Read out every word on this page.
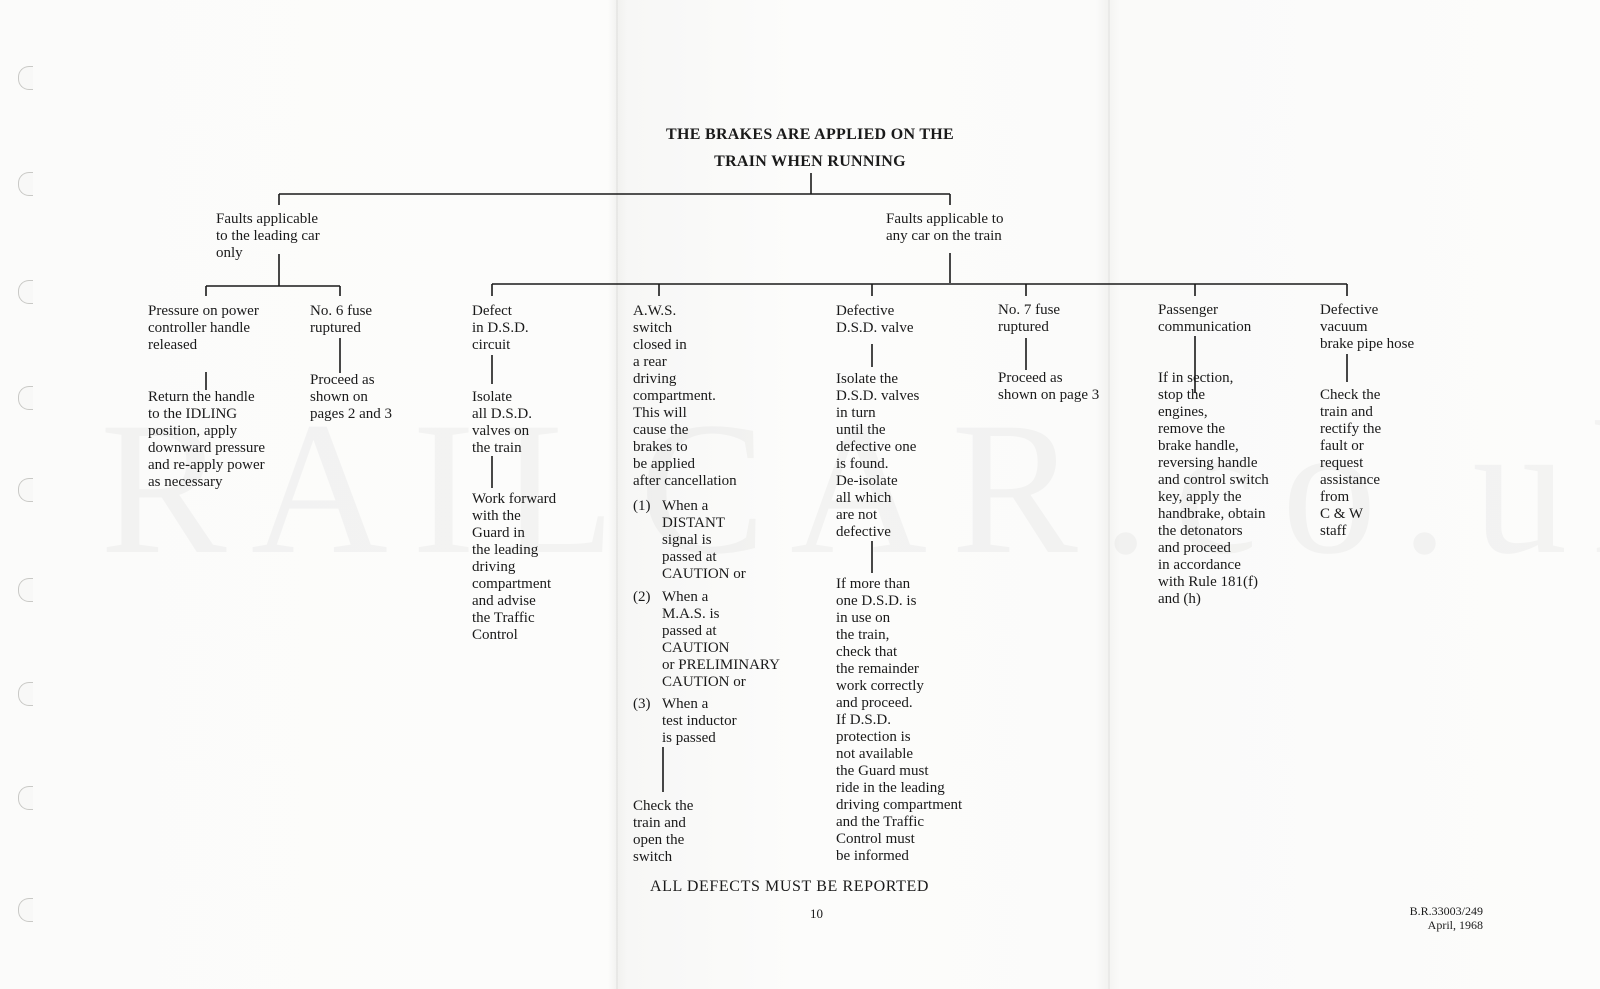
THE BRAKES ARE APPLIED ON THE
TRAIN WHEN RUNNING
Faults applicable
to the leading car
only
Faults applicable to
any car on the train
Pressure on power
controller handle
released
Return the handle
to the IDLING
position, apply
downward pressure
and re-apply power
as necessary
No. 6 fuse
ruptured
Proceed as
shown on
pages 2 and 3
Defect
in D.S.D.
circuit
Isolate
all D.S.D.
valves on
the train
Work forward
with the
Guard in
the leading
driving
compartment
and advise
the Traffic
Control
A.W.S.
switch
closed in
a rear
driving
compartment.
This will
cause the
brakes to
be applied
after cancellation
(1) When a
DISTANT
signal is
passed at
CAUTION or
(2) When a
M.A.S. is
passed at
CAUTION
or PRELIMINARY
CAUTION or
(3) When a
test inductor
is passed
Check the
train and
open the
switch
Defective
D.S.D. valve
Isolate the
D.S.D. valves
in turn
until the
defective one
is found.
De-isolate
all which
are not
defective
If more than
one D.S.D. is
in use on
the train,
check that
the remainder
work correctly
and proceed.
If D.S.D.
protection is
not available
the Guard must
ride in the leading
driving compartment
and the Traffic
Control must
be informed
No. 7 fuse
ruptured
Proceed as
shown on page 3
Passenger
communication
If in section,
stop the
engines,
remove the
brake handle,
reversing handle
and control switch
key, apply the
handbrake, obtain
the detonators
and proceed
in accordance
with Rule 181(f)
and (h)
Defective
vacuum
brake pipe hose
Check the
train and
rectify the
fault or
request
assistance
from
C & W
staff
ALL DEFECTS MUST BE REPORTED
10	B.R.33003/249
April, 1968
